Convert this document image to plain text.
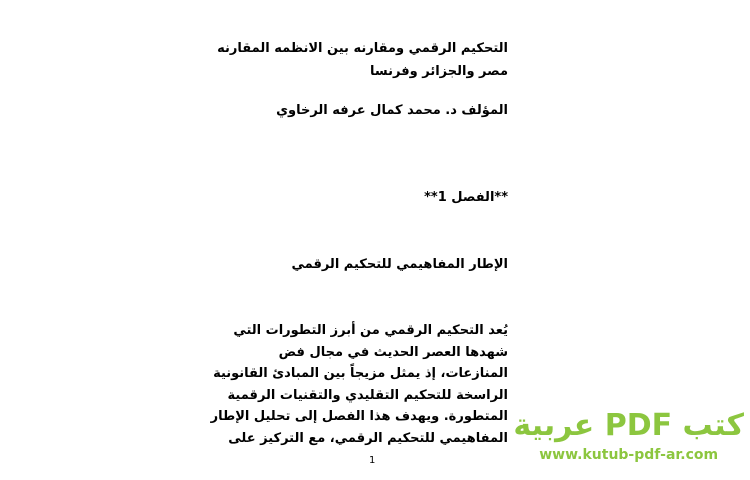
التحكيم الرقمي ومقارنه بين الانظمه المقارنه
مصر والجزائر وفرنسا
المؤلف د. محمد كمال عرفه الرخاوي
**الفصل 1**
الإطار المفاهيمي للتحكيم الرقمي
يُعد التحكيم الرقمي من أبرز التطورات التي
شهدها العصر الحديث في مجال فض
المنازعات، إذ يمثل مزيجاً بين المبادئ القانونية
الراسخة للتحكيم التقليدي والتقنيات الرقمية
المتطورة. ويهدف هذا الفصل إلى تحليل الإطار
المفاهيمي للتحكيم الرقمي، مع التركيز على
1
كتب PDF عربية
www.kutub-pdf-ar.com
